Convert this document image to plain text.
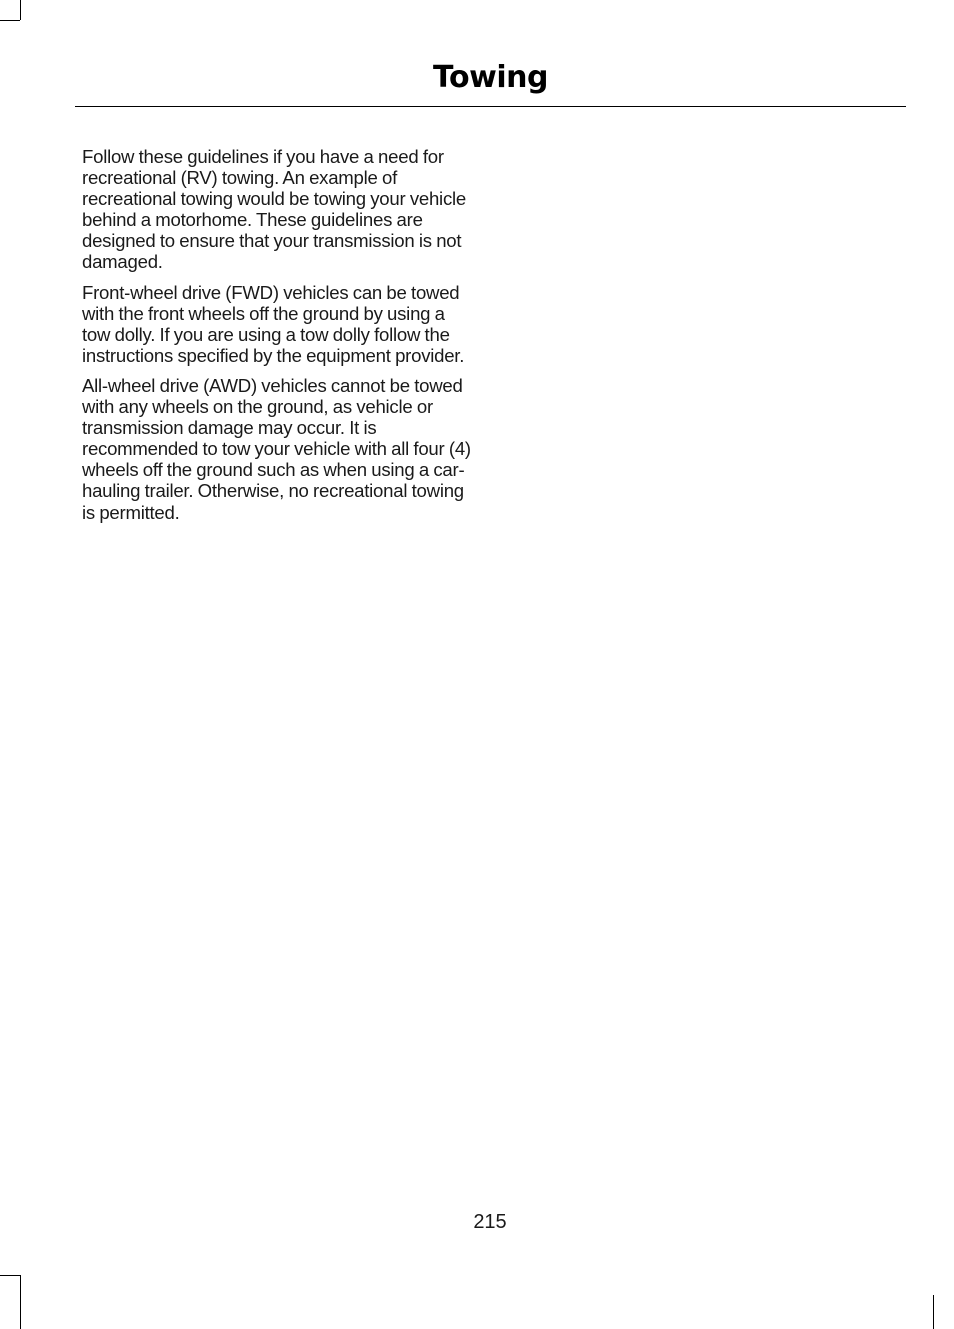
Towing

Follow these guidelines if you have a need for recreational (RV) towing. An example of recreational towing would be towing your vehicle behind a motorhome. These guidelines are designed to ensure that your transmission is not damaged.

Front-wheel drive (FWD) vehicles can be towed with the front wheels off the ground by using a tow dolly. If you are using a tow dolly follow the instructions specified by the equipment provider.

All-wheel drive (AWD) vehicles cannot be towed with any wheels on the ground, as vehicle or transmission damage may occur. It is recommended to tow your vehicle with all four (4) wheels off the ground such as when using a car-hauling trailer. Otherwise, no recreational towing is permitted.

215
